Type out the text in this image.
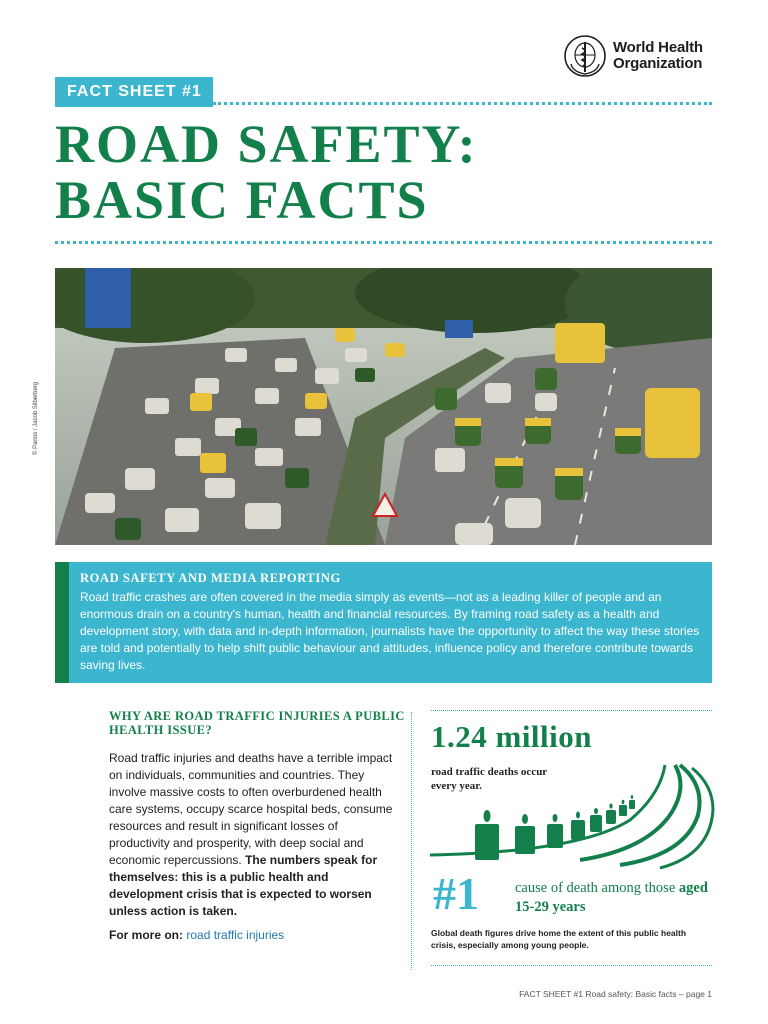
World Health
Organization
FACT SHEET #1
ROAD SAFETY:
BASIC FACTS
© Panos / Jacob Silberberg
ROAD SAFETY AND MEDIA REPORTING
Road traffic crashes are often covered in the media simply as events—not as a leading killer of people and an enormous drain on a country's human, health and financial resources. By framing road safety as a health and development story, with data and in-depth information, journalists have the opportunity to affect the way these stories are told and potentially to help shift public behaviour and attitudes, influence policy and therefore contribute towards saving lives.
WHY ARE ROAD TRAFFIC INJURIES A PUBLIC HEALTH ISSUE?
Road traffic injuries and deaths have a terrible impact on individuals, communities and countries. They involve massive costs to often overburdened health care systems, occupy scarce hospital beds, consume resources and result in significant losses of productivity and prosperity, with deep social and economic repercussions. The numbers speak for themselves: this is a public health and development crisis that is expected to worsen unless action is taken.
For more on: road traffic injuries
1.24 million
road traffic deaths occur every year.
#1 cause of death among those aged 15-29 years
Global death figures drive home the extent of this public health crisis, especially among young people.
FACT SHEET #1 Road safety: Basic facts – page 1
